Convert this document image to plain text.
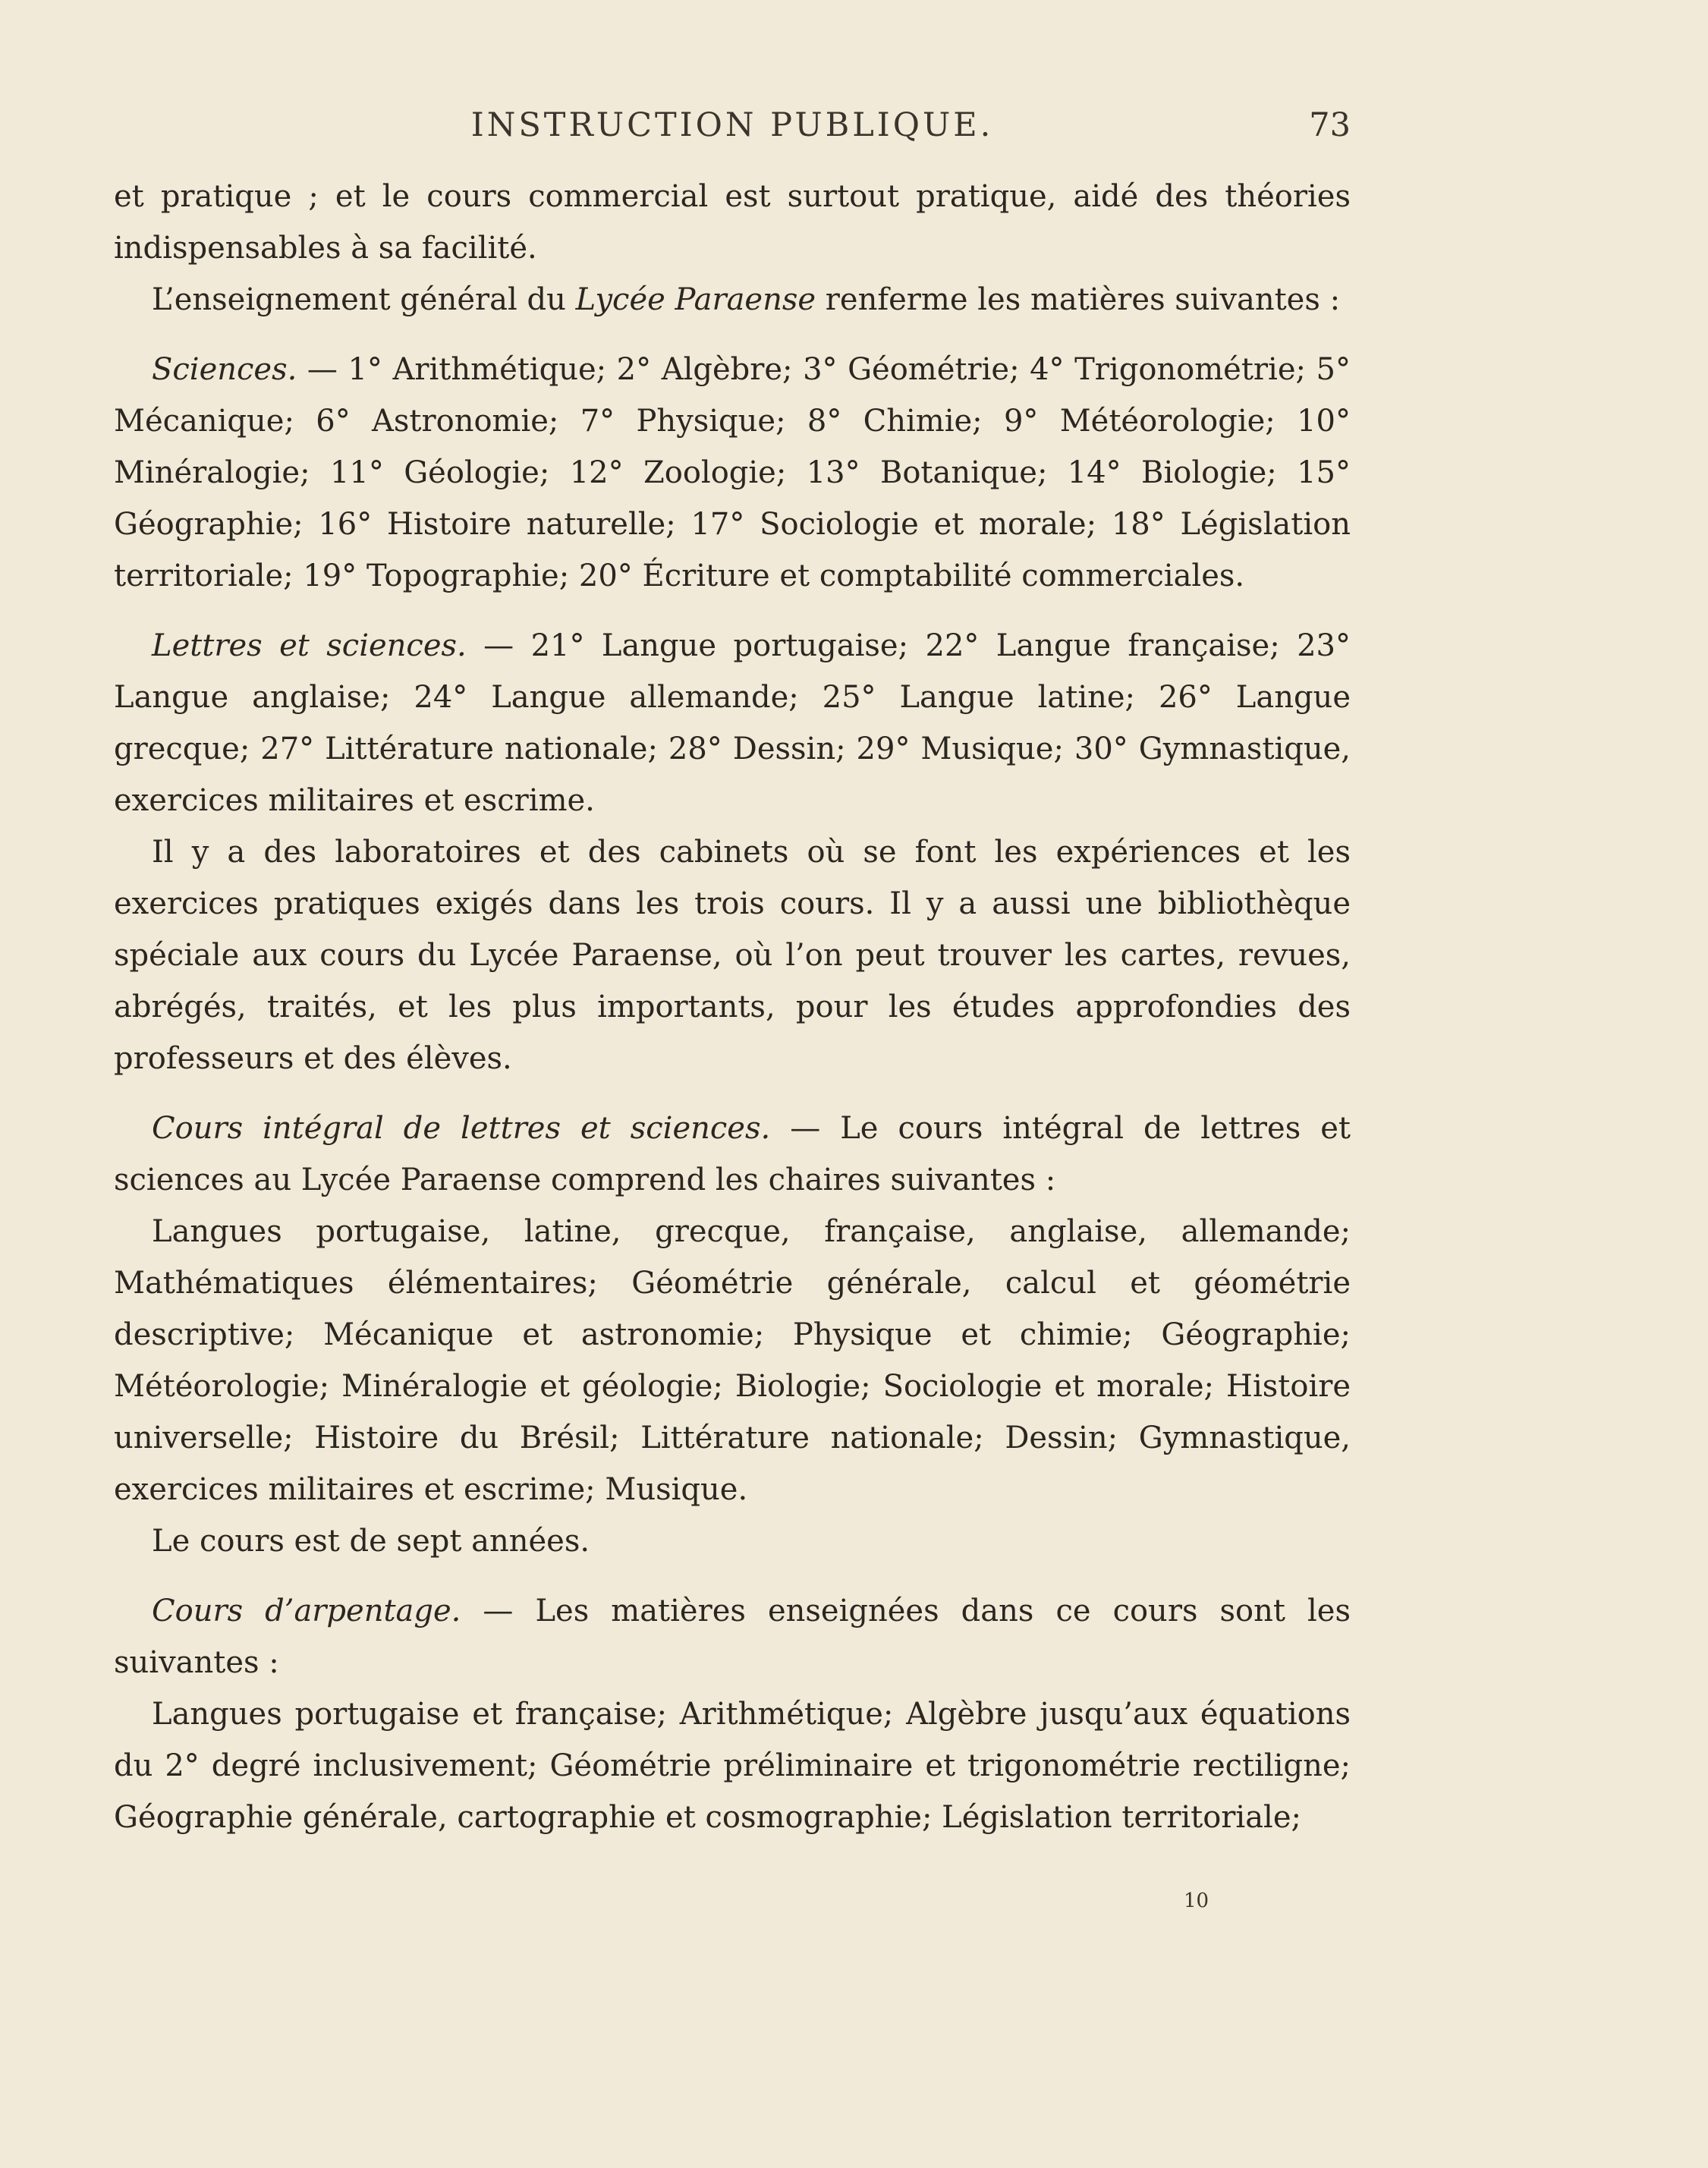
INSTRUCTION PUBLIQUE.	73

et pratique ; et le cours commercial est surtout pratique, aidé des théories indispensables à sa facilité.

L’enseignement général du Lycée Paraense renferme les matières suivantes :

Sciences. — 1° Arithmétique; 2° Algèbre; 3° Géométrie; 4° Trigonométrie; 5° Mécanique; 6° Astronomie; 7° Physique; 8° Chimie; 9° Météorologie; 10° Minéralogie; 11° Géologie; 12° Zoologie; 13° Botanique; 14° Biologie; 15° Géographie; 16° Histoire naturelle; 17° Sociologie et morale; 18° Législation territoriale; 19° Topographie; 20° Écriture et comptabilité commerciales.

Lettres et sciences. — 21° Langue portugaise; 22° Langue française; 23° Langue anglaise; 24° Langue allemande; 25° Langue latine; 26° Langue grecque; 27° Littérature nationale; 28° Dessin; 29° Musique; 30° Gymnastique, exercices militaires et escrime.

Il y a des laboratoires et des cabinets où se font les expériences et les exercices pratiques exigés dans les trois cours. Il y a aussi une bibliothèque spéciale aux cours du Lycée Paraense, où l’on peut trouver les cartes, revues, abrégés, traités, et les plus importants, pour les études approfondies des professeurs et des élèves.

Cours intégral de lettres et sciences. — Le cours intégral de lettres et sciences au Lycée Paraense comprend les chaires suivantes :

Langues portugaise, latine, grecque, française, anglaise, allemande; Mathématiques élémentaires; Géométrie générale, calcul et géométrie descriptive; Mécanique et astronomie; Physique et chimie; Géographie; Météorologie; Minéralogie et géologie; Biologie; Sociologie et morale; Histoire universelle; Histoire du Brésil; Littérature nationale; Dessin; Gymnastique, exercices militaires et escrime; Musique.

Le cours est de sept années.

Cours d’arpentage. — Les matières enseignées dans ce cours sont les suivantes :

Langues portugaise et française; Arithmétique; Algèbre jusqu’aux équations du 2° degré inclusivement; Géométrie préliminaire et trigonométrie rectiligne; Géographie générale, cartographie et cosmographie; Législation territoriale;

10
